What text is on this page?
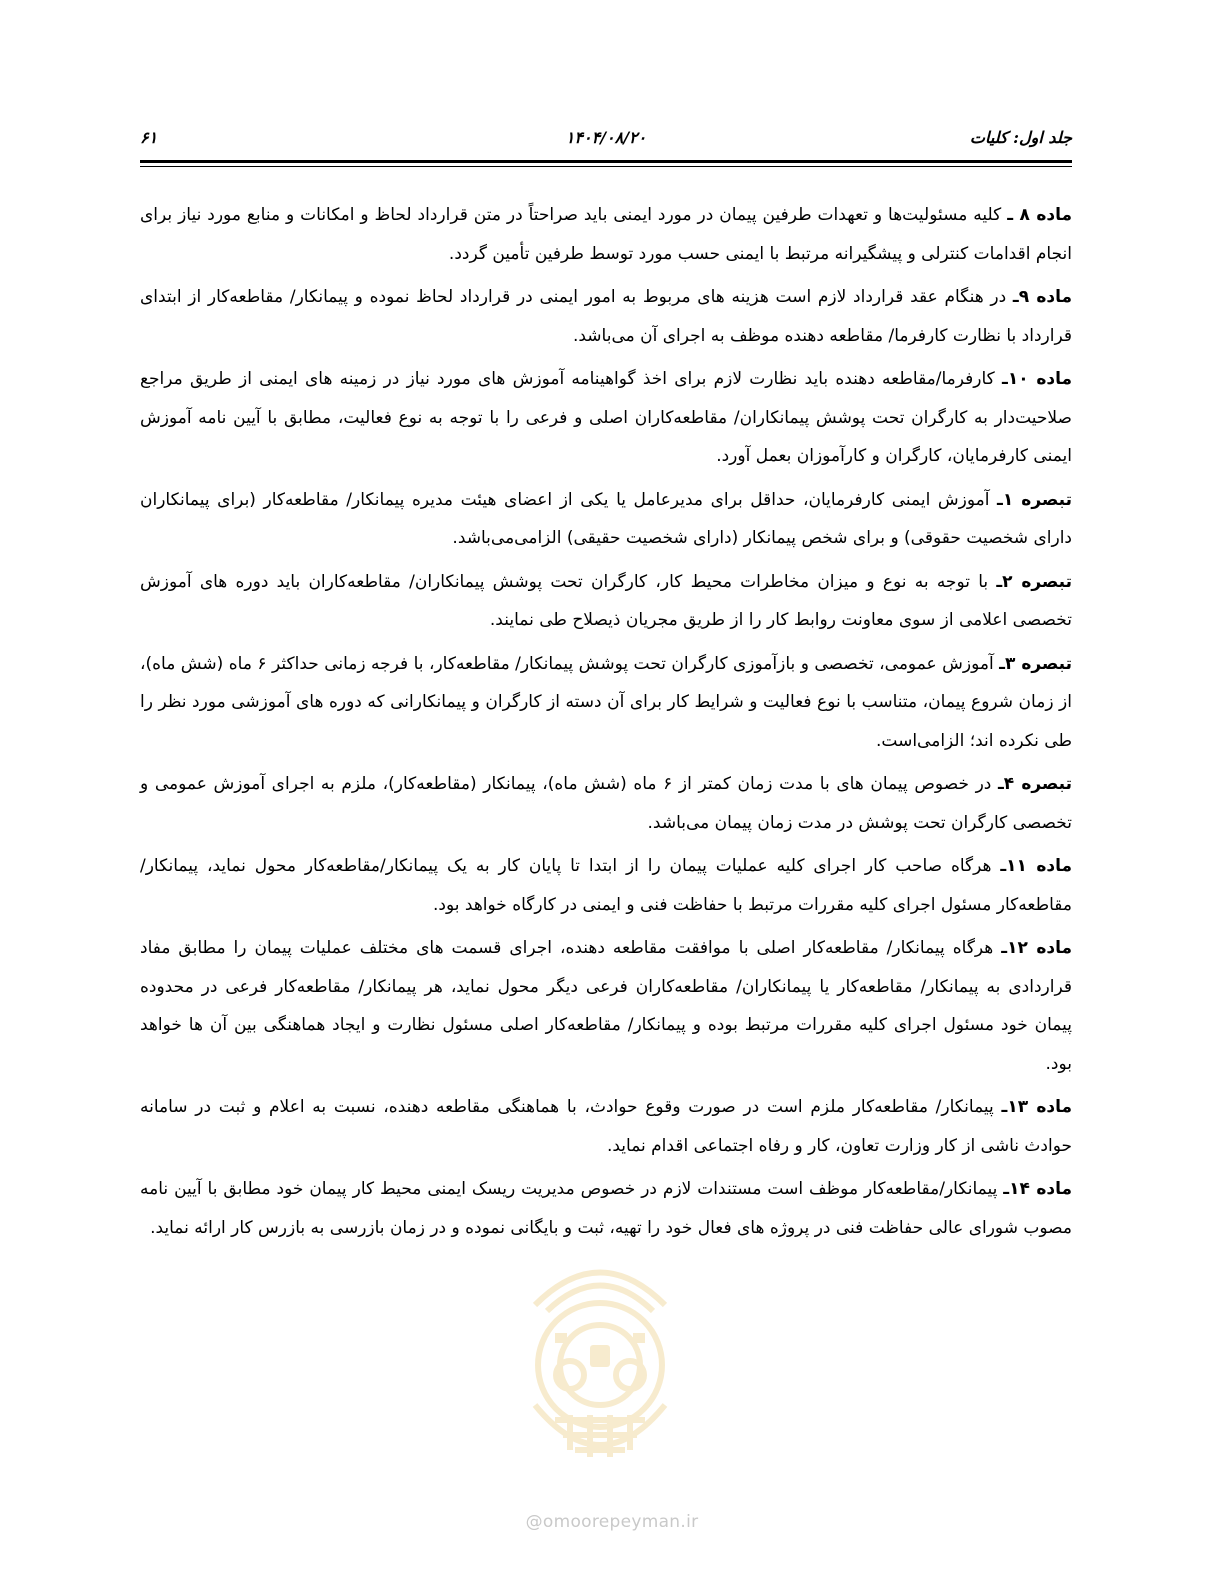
جلد اول: کلیات
۱۴۰۴/۰۸/۲۰
۶۱

ماده ۸ ـ کلیه مسئولیت‌ها و تعهدات طرفین پیمان در مورد ایمنی باید صراحتاً در متن قرارداد لحاظ و امکانات و منابع مورد نیاز برای انجام اقدامات کنترلی و پیشگیرانه مرتبط با ایمنی حسب مورد توسط طرفین تأمین گردد.

ماده ۹ـ در هنگام عقد قرارداد لازم است هزینه های مربوط به امور ایمنی در قرارداد لحاظ نموده و پیمانکار/ مقاطعه‌کار از ابتدای قرارداد با نظارت کارفرما/ مقاطعه دهنده موظف به اجرای آن می‌باشد.

ماده ۱۰ـ کارفرما/مقاطعه دهنده باید نظارت لازم برای اخذ گواهینامه آموزش های مورد نیاز در زمینه های ایمنی از طریق مراجع صلاحیت‌دار به کارگران تحت پوشش پیمانکاران/ مقاطعه‌کاران اصلی و فرعی را با توجه به نوع فعالیت، مطابق با آیین نامه آموزش ایمنی کارفرمایان، کارگران و کارآموزان بعمل آورد.

تبصره ۱ـ آموزش ایمنی کارفرمایان، حداقل برای مدیرعامل یا یکی از اعضای هیئت مدیره پیمانکار/ مقاطعه‌کار (برای پیمانکاران دارای شخصیت حقوقی) و برای شخص پیمانکار (دارای شخصیت حقیقی) الزامی‌می‌باشد.

تبصره ۲ـ با توجه به نوع و میزان مخاطرات محیط کار، کارگران تحت پوشش پیمانکاران/ مقاطعه‌کاران باید دوره های آموزش تخصصی اعلامی از سوی معاونت روابط کار را از طریق مجریان ذیصلاح طی نمایند.

تبصره ۳ـ آموزش عمومی، تخصصی و بازآموزی کارگران تحت پوشش پیمانکار/ مقاطعه‌کار، با فرجه زمانی حداکثر ۶ ماه (شش ماه)، از زمان شروع پیمان، متناسب با نوع فعالیت و شرایط کار برای آن دسته از کارگران و پیمانکارانی که دوره های آموزشی مورد نظر را طی نکرده اند؛ الزامی‌است.

تبصره ۴ـ در خصوص پیمان های با مدت زمان کمتر از ۶ ماه (شش ماه)، پیمانکار (مقاطعه‌کار)، ملزم به اجرای آموزش عمومی و تخصصی کارگران تحت پوشش در مدت زمان پیمان می‌باشد.

ماده ۱۱ـ هرگاه صاحب کار اجرای کلیه عملیات پیمان را از ابتدا تا پایان کار به یک پیمانکار/مقاطعه‌کار محول نماید، پیمانکار/ مقاطعه‌کار مسئول اجرای کلیه مقررات مرتبط با حفاظت فنی و ایمنی در کارگاه خواهد بود.

ماده ۱۲ـ هرگاه پیمانکار/ مقاطعه‌کار اصلی با موافقت مقاطعه دهنده، اجرای قسمت های مختلف عملیات پیمان را مطابق مفاد قراردادی به پیمانکار/ مقاطعه‌کار یا پیمانکاران/ مقاطعه‌کاران فرعی دیگر محول نماید، هر پیمانکار/ مقاطعه‌کار فرعی در محدوده پیمان خود مسئول اجرای کلیه مقررات مرتبط بوده و پیمانکار/ مقاطعه‌کار اصلی مسئول نظارت و ایجاد هماهنگی بین آن ها خواهد بود.

ماده ۱۳ـ پیمانکار/ مقاطعه‌کار ملزم است در صورت وقوع حوادث، با هماهنگی مقاطعه دهنده، نسبت به اعلام و ثبت در سامانه حوادث ناشی از کار وزارت تعاون، کار و رفاه اجتماعی اقدام نماید.

ماده ۱۴ـ پیمانکار/مقاطعه‌کار موظف است مستندات لازم در خصوص مدیریت ریسک ایمنی محیط کار پیمان خود مطابق با آیین نامه مصوب شورای عالی حفاظت فنی در پروژه های فعال خود را تهیه، ثبت و بایگانی نموده و در زمان بازرسی به بازرس کار ارائه نماید.

@omoorepeyman.ir
